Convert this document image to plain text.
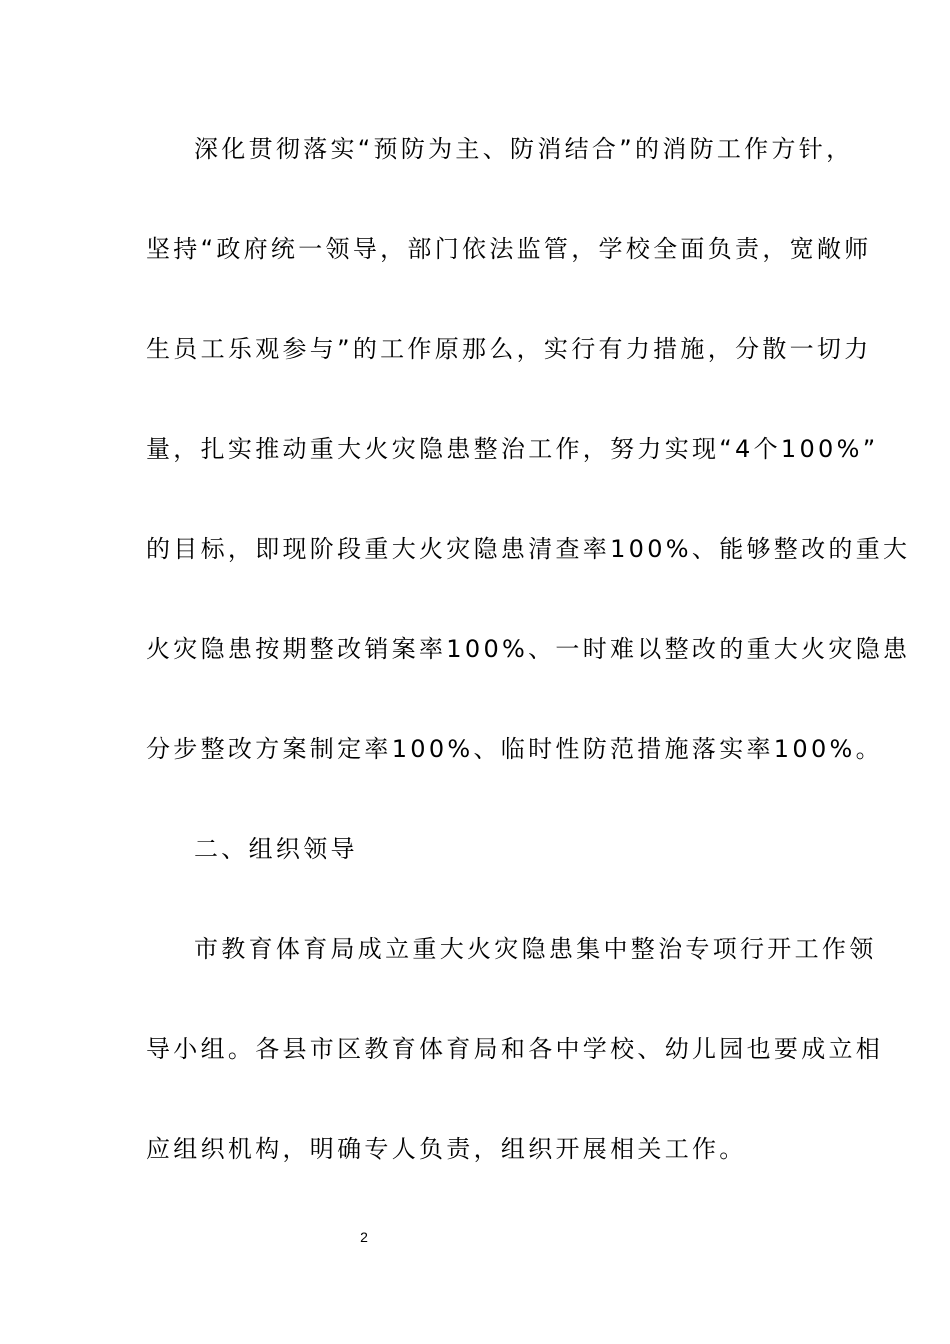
深化贯彻落实“预防为主、防消结合”的消防工作方针，
坚持“政府统一领导，部门依法监管，学校全面负责，宽敞师
生员工乐观参与”的工作原那么，实行有力措施，分散一切力
量，扎实推动重大火灾隐患整治工作，努力实现“4个100%”
的目标，即现阶段重大火灾隐患清查率100%、能够整改的重大
火灾隐患按期整改销案率100%、一时难以整改的重大火灾隐患
分步整改方案制定率100%、临时性防范措施落实率100%。
二、组织领导
市教育体育局成立重大火灾隐患集中整治专项行开工作领
导小组。各县市区教育体育局和各中学校、幼儿园也要成立相
应组织机构，明确专人负责，组织开展相关工作。
2
